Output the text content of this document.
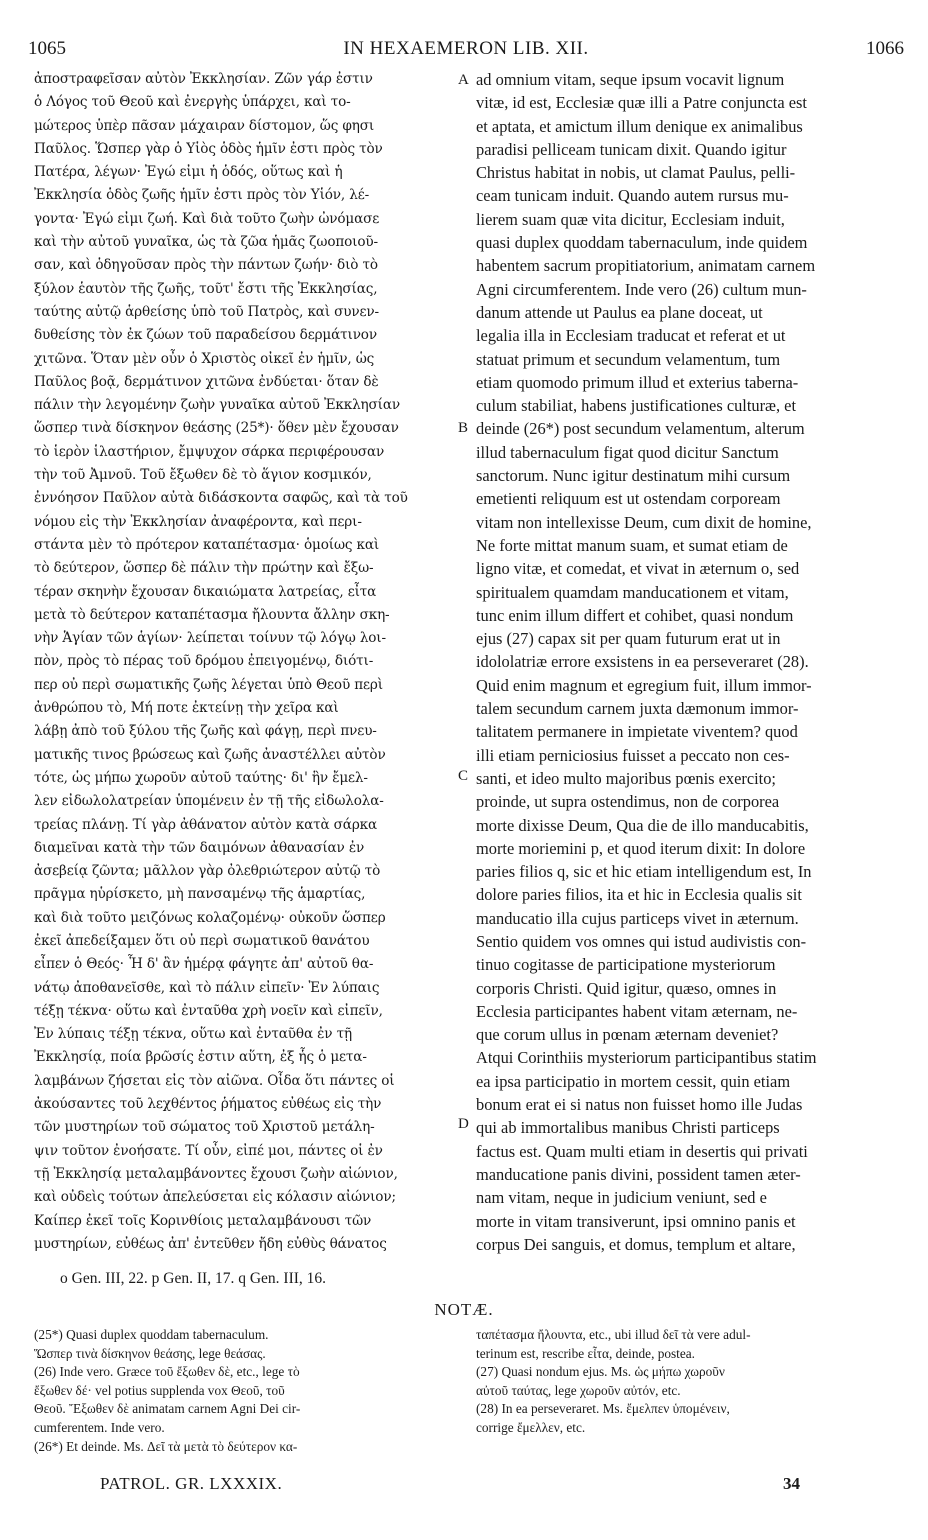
1065	IN HEXAEMERON LIB. XII.	1066
ἀποστραφεῖσαν αὐτὸν Ἐκκλησίαν. Ζῶν γάρ ἐστιν
ὁ Λόγος τοῦ Θεοῦ καὶ ἐνεργὴς ὑπάρχει, καὶ το-
μώτερος ὑπὲρ πᾶσαν μάχαιραν δίστομον, ὥς φησι
Παῦλος. Ὥσπερ γὰρ ὁ Υἱὸς ὁδὸς ἡμῖν ἐστι πρὸς τὸν
Πατέρα, λέγων· Ἐγώ εἰμι ἡ ὁδός, οὕτως καὶ ἡ
Ἐκκλησία ὁδὸς ζωῆς ἡμῖν ἐστι πρὸς τὸν Υἱόν, λέ-
γοντα· Ἐγώ εἰμι ζωή. Καὶ διὰ τοῦτο ζωὴν ὠνόμασε
καὶ τὴν αὐτοῦ γυναῖκα, ὡς τὰ ζῶα ἡμᾶς ζωοποιοῦ-
σαν, καὶ ὁδηγοῦσαν πρὸς τὴν πάντων ζωήν· διὸ τὸ
ξύλον ἑαυτὸν τῆς ζωῆς, τοῦτ' ἔστι τῆς Ἐκκλησίας,
ταύτης αὐτῷ ἁρθείσης ὑπὸ τοῦ Πατρὸς, καὶ συνεν-
δυθείσης τὸν ἐκ ζώων τοῦ παραδείσου δερμάτινον
χιτῶνα. Ὅταν μὲν οὖν ὁ Χριστὸς οἰκεῖ ἐν ἡμῖν, ὡς
Παῦλος βοᾷ, δερμάτινον χιτῶνα ἐνδύεται· ὅταν δὲ
πάλιν τὴν λεγομένην ζωὴν γυναῖκα αὐτοῦ Ἐκκλησίαν
ὥσπερ τινὰ δίσκηνον θεάσης (25*)· ὅθεν μὲν ἔχουσαν
τὸ ἱερὸν ἱλαστήριον, ἔμψυχον σάρκα περιφέρουσαν
τὴν τοῦ Ἀμνοῦ. Τοῦ ἔξωθεν δὲ τὸ ἅγιον κοσμικόν,
ἐννόησον Παῦλον αὐτὰ διδάσκοντα σαφῶς, καὶ τὰ τοῦ
νόμου εἰς τὴν Ἐκκλησίαν ἀναφέροντα, καὶ περι-
στάντα μὲν τὸ πρότερον καταπέτασμα· ὁμοίως καὶ
τὸ δεύτερον, ὥσπερ δὲ πάλιν τὴν πρώτην καὶ ἔξω-
τέραν σκηνὴν ἔχουσαν δικαιώματα λατρείας, εἶτα
μετὰ τὸ δεύτερον καταπέτασμα ἤλουντα ἄλλην σκη-
νὴν Ἁγίαν τῶν ἁγίων· λείπεται τοίνυν τῷ λόγῳ λοι-
πὸν, πρὸς τὸ πέρας τοῦ δρόμου ἐπειγομένῳ, διότι-
περ οὐ περὶ σωματικῆς ζωῆς λέγεται ὑπὸ Θεοῦ περὶ
ἀνθρώπου τὸ, Μή ποτε ἐκτείνῃ τὴν χεῖρα καὶ
λάβῃ ἀπὸ τοῦ ξύλου τῆς ζωῆς καὶ φάγῃ, περὶ πνευ-
ματικῆς τινος βρώσεως καὶ ζωῆς ἀναστέλλει αὐτὸν
τότε, ὡς μήπω χωροῦν αὐτοῦ ταύτης· δι' ἣν ἔμελ-
λεν εἰδωλολατρείαν ὑπομένειν ἐν τῇ τῆς εἰδωλολα-
τρείας πλάνῃ. Τί γὰρ ἀθάνατον αὐτὸν κατὰ σάρκα
διαμεῖναι κατὰ τὴν τῶν δαιμόνων ἀθανασίαν ἐν
ἀσεβείᾳ ζῶντα; μᾶλλον γὰρ ὀλεθριώτερον αὐτῷ τὸ
πρᾶγμα ηὑρίσκετο, μὴ πανσαμένῳ τῆς ἁμαρτίας,
καὶ διὰ τοῦτο μειζόνως κολαζομένῳ· οὐκοῦν ὥσπερ
ἐκεῖ ἀπεδείξαμεν ὅτι οὐ περὶ σωματικοῦ θανάτου
εἶπεν ὁ Θεός· Ἧ δ' ἂν ἡμέρᾳ φάγητε ἀπ' αὐτοῦ θα-
νάτῳ ἀποθανεῖσθε, καὶ τὸ πάλιν εἰπεῖν· Ἐν λύπαις
τέξῃ τέκνα· οὕτω καὶ ἐνταῦθα χρὴ νοεῖν καὶ εἰπεῖν,
Ἐν λύπαις τέξῃ τέκνα, οὕτω καὶ ἐνταῦθα ἐν τῇ
Ἐκκλησίᾳ, ποία βρῶσίς ἐστιν αὕτη, ἐξ ἧς ὁ μετα-
λαμβάνων ζήσεται εἰς τὸν αἰῶνα. Οἶδα ὅτι πάντες οἱ
ἀκούσαντες τοῦ λεχθέντος ῥήματος εὐθέως εἰς τὴν
τῶν μυστηρίων τοῦ σώματος τοῦ Χριστοῦ μετάλη-
ψιν τοῦτον ἐνοήσατε. Τί οὖν, εἰπέ μοι, πάντες οἱ ἐν
τῇ Ἐκκλησίᾳ μεταλαμβάνοντες ἔχουσι ζωὴν αἰώνιον,
καὶ οὐδεὶς τούτων ἀπελεύσεται εἰς κόλασιν αἰώνιον;
Καίπερ ἐκεῖ τοῖς Κορινθίοις μεταλαμβάνουσι τῶν
μυστηρίων, εὐθέως ἀπ' ἐντεῦθεν ἤδη εὐθὺς θάνατος
ad omnium vitam, seque ipsum vocavit lignum
vitæ, id est, Ecclesiæ quæ illi a Patre conjuncta est
et aptata, et amictum illum denique ex animalibus
paradisi pelliceam tunicam dixit. Quando igitur
Christus habitat in nobis, ut clamat Paulus, pelli-
ceam tunicam induit. Quando autem rursus mu-
lierem suam quæ vita dicitur, Ecclesiam induit,
quasi duplex quoddam tabernaculum, inde quidem
habentem sacrum propitiatorium, animatam carnem
Agni circumferentem. Inde vero (26) cultum mun-
danum attende ut Paulus ea plane doceat, ut
legalia illa in Ecclesiam traducat et referat et ut
statuat primum et secundum velamentum, tum
etiam quomodo primum illud et exterius taberna-
culum stabiliat, habens justificationes culturæ, et
deinde (26*) post secundum velamentum, alterum
illud tabernaculum figat quod dicitur Sanctum
sanctorum. Nunc igitur destinatum mihi cursum
emetienti reliquum est ut ostendam corpoream
vitam non intellexisse Deum, cum dixit de homine,
Ne forte mittat manum suam, et sumat etiam de
ligno vitæ, et comedat, et vivat in æternum o, sed
spiritualem quamdam manducationem et vitam,
tunc enim illum differt et cohibet, quasi nondum
ejus (27) capax sit per quam futurum erat ut in
idololatriæ errore exsistens in ea perseveraret (28).
Quid enim magnum et egregium fuit, illum immor-
talem secundum carnem juxta dæmonum immor-
talitatem permanere in impietate viventem? quod
illi etiam perniciosius fuisset a peccato non ces-
santi, et ideo multo majoribus pœnis exercito;
proinde, ut supra ostendimus, non de corporea
morte dixisse Deum, Qua die de illo manducabitis,
morte moriemini p, et quod iterum dixit: In dolore
paries filios q, sic et hic etiam intelligendum est, In
dolore paries filios, ita et hic in Ecclesia qualis sit
manducatio illa cujus particeps vivet in æternum.
Sentio quidem vos omnes qui istud audivistis con-
tinuo cogitasse de participatione mysteriorum
corporis Christi. Quid igitur, quæso, omnes in
Ecclesia participantes habent vitam æternam, ne-
que corum ullus in pœnam æternam deveniet?
Atqui Corinthiis mysteriorum participantibus statim
ea ipsa participatio in mortem cessit, quin etiam
bonum erat ei si natus non fuisset homo ille Judas
qui ab immortalibus manibus Christi particeps
factus est. Quam multi etiam in desertis qui privati
manducatione panis divini, possident tamen æter-
nam vitam, neque in judicium veniunt, sed e
morte in vitam transiverunt, ipsi omnino panis et
corpus Dei sanguis, et domus, templum et altare,
A
B
C
D
o Gen. III, 22. p Gen. II, 17. q Gen. III, 16.
NOTÆ.
(25*) Quasi duplex quoddam tabernaculum.
Ὥσπερ τινὰ δίσκηνον θεάσης, lege θεάσας.
(26) Inde vero. Græce τοῦ ἔξωθεν δὲ, etc., lege τὸ
ἔξωθεν δέ· vel potius supplenda vox Θεοῦ, τοῦ
Θεοῦ. Ἔξωθεν δὲ animatam carnem Agni Dei cir-
cumferentem. Inde vero.
(26*) Et deinde. Ms. Δεῖ τὰ μετὰ τὸ δεύτερον κα-
ταπέτασμα ἤλουντα, etc., ubi illud δεῖ τὰ vere adul-
terinum est, rescribe εἶτα, deinde, postea.
(27) Quasi nondum ejus. Ms. ὡς μήπω χωροῦν
αὐτοῦ ταύτας, lege χωροῦν αὐτόν, etc.
(28) In ea perseveraret. Ms. ἔμελπεν ὑπομένειν,
corrige ἔμελλεν, etc.
PATROL. GR. LXXXIX.	34
